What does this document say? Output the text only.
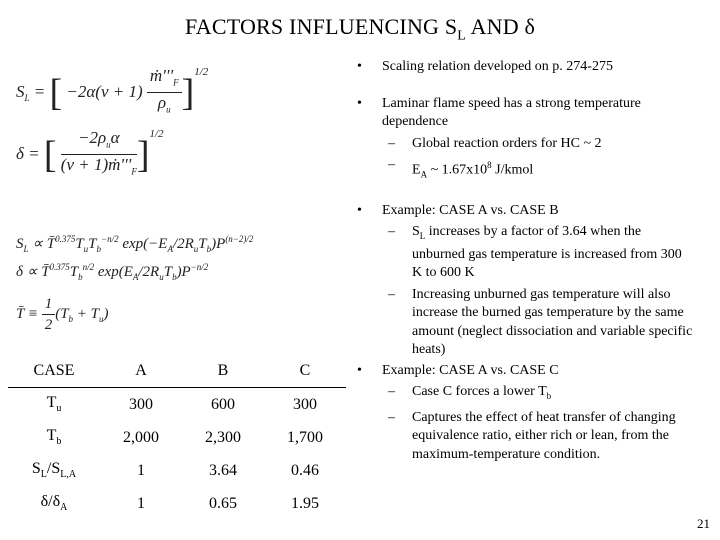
FACTORS INFLUENCING $S_L$ AND δ
$S_L$ = [ $-2\alpha(\nu + 1) \frac{ṁ'''_F}{\rho_u} ]^{1/2}$
δ = [ $\frac{-2\rho_u\alpha}{(\nu + 1)ṁ'''_F} ]^{1/2}$
$S_L$ ∝ $T̄^{0.375}T_uT_b^{-n/2}$ $\exp(-E_A/2R_uT_b)P^{(n-2)/2}$
$\delta \propto T̄^{0.375}T_b^{n/2}$ $\exp(E_A/2R_uT_b)P^{-n/2}$
T̄ ≡ $\frac{1}{2} (T_b + T_u)$
CASE	A	B	C
$T_u$	300	600	300
$T_b$	2,000	2,300	1,700
$S_L/S_{L,A}$	1	3.64	0.46
$\delta/\delta_A$	1	0.65	1.95
• Scaling relation developed on p. 274-275
• Laminar flame speed has a strong temperature dependence
– Global reaction orders for HC ~ 2
– $E_A$ ~ $1.67x10^8$ J/kmol
• Example: CASE A vs. CASE B
– $S_L$ increases by a factor of 3.64 when the unburned gas temperature is increased from 300 K to 600 K
– Increasing unburned gas temperature will also increase the burned gas temperature by the same amount (neglect dissociation and variable specific heats)
• Example: CASE A vs. CASE C
– Case C forces a lower $T_b$
– Captures the effect of heat transfer of changing equivalence ratio, either rich or lean, from the maximum-temperature condition.
21
